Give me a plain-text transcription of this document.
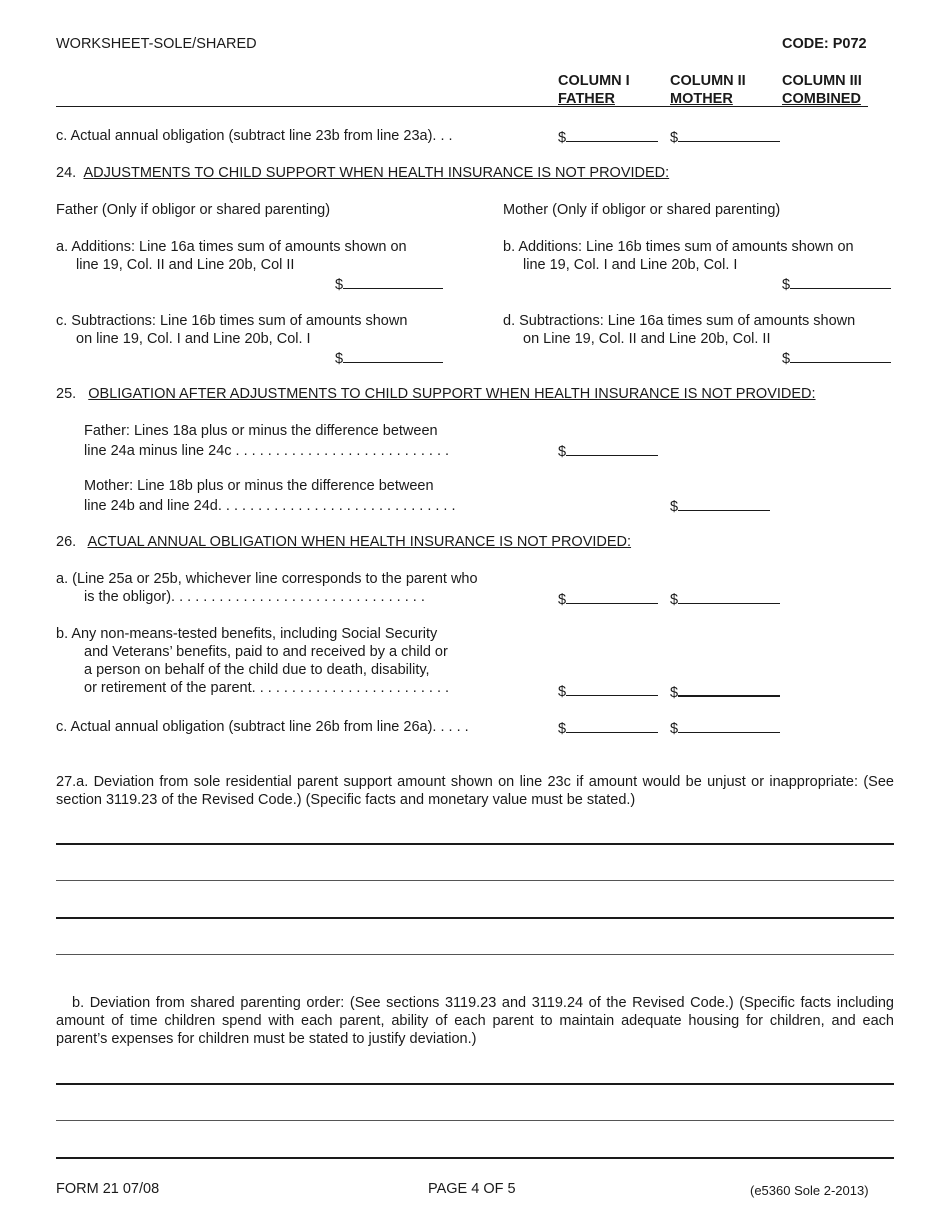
WORKSHEET-SOLE/SHARED	CODE: P072
COLUMN I
FATHER
COLUMN II
MOTHER
COLUMN III
COMBINED
c. Actual annual obligation (subtract line 23b from line 23a). . .	$	$
24. ADJUSTMENTS TO CHILD SUPPORT WHEN HEALTH INSURANCE IS NOT PROVIDED:
Father (Only if obligor or shared parenting)	Mother (Only if obligor or shared parenting)
a. Additions: Line 16a times sum of amounts shown on
line 19, Col. II and Line 20b, Col II
$
b. Additions: Line 16b times sum of amounts shown on
line 19, Col. I and Line 20b, Col. I
$
c. Subtractions: Line 16b times sum of amounts shown
on line 19, Col. I and Line 20b, Col. I
$
d. Subtractions: Line 16a times sum of amounts shown
on Line 19, Col. II and Line 20b, Col. II
$
25. OBLIGATION AFTER ADJUSTMENTS TO CHILD SUPPORT WHEN HEALTH INSURANCE IS NOT PROVIDED:
Father: Lines 18a plus or minus the difference between
line 24a minus line 24c . . . . . . . . . . . . . . . . . . . . . . . . . . .	$
Mother: Line 18b plus or minus the difference between
line 24b and line 24d. . . . . . . . . . . . . . . . . . . . . . . . . . . . . .	$
26. ACTUAL ANNUAL OBLIGATION WHEN HEALTH INSURANCE IS NOT PROVIDED:
a. (Line 25a or 25b, whichever line corresponds to the parent who
is the obligor). . . . . . . . . . . . . . . . . . . . . . . . . . . . . . . .	$	$
b. Any non-means-tested benefits, including Social Security
and Veterans’ benefits, paid to and received by a child or
a person on behalf of the child due to death, disability,
or retirement of the parent. . . . . . . . . . . . . . . . . . . . . . . . .	$	$
c. Actual annual obligation (subtract line 26b from line 26a). . . . .	$	$
27.a. Deviation from sole residential parent support amount shown on line 23c if amount would be unjust or inappropriate: (See section 3119.23 of the Revised Code.) (Specific facts and monetary value must be stated.)
b. Deviation from shared parenting order: (See sections 3119.23 and 3119.24 of the Revised Code.) (Specific facts including amount of time children spend with each parent, ability of each parent to maintain adequate housing for children, and each parent’s expenses for children must be stated to justify deviation.)
FORM 21 07/08	PAGE 4 OF 5	(e5360 Sole 2-2013)
